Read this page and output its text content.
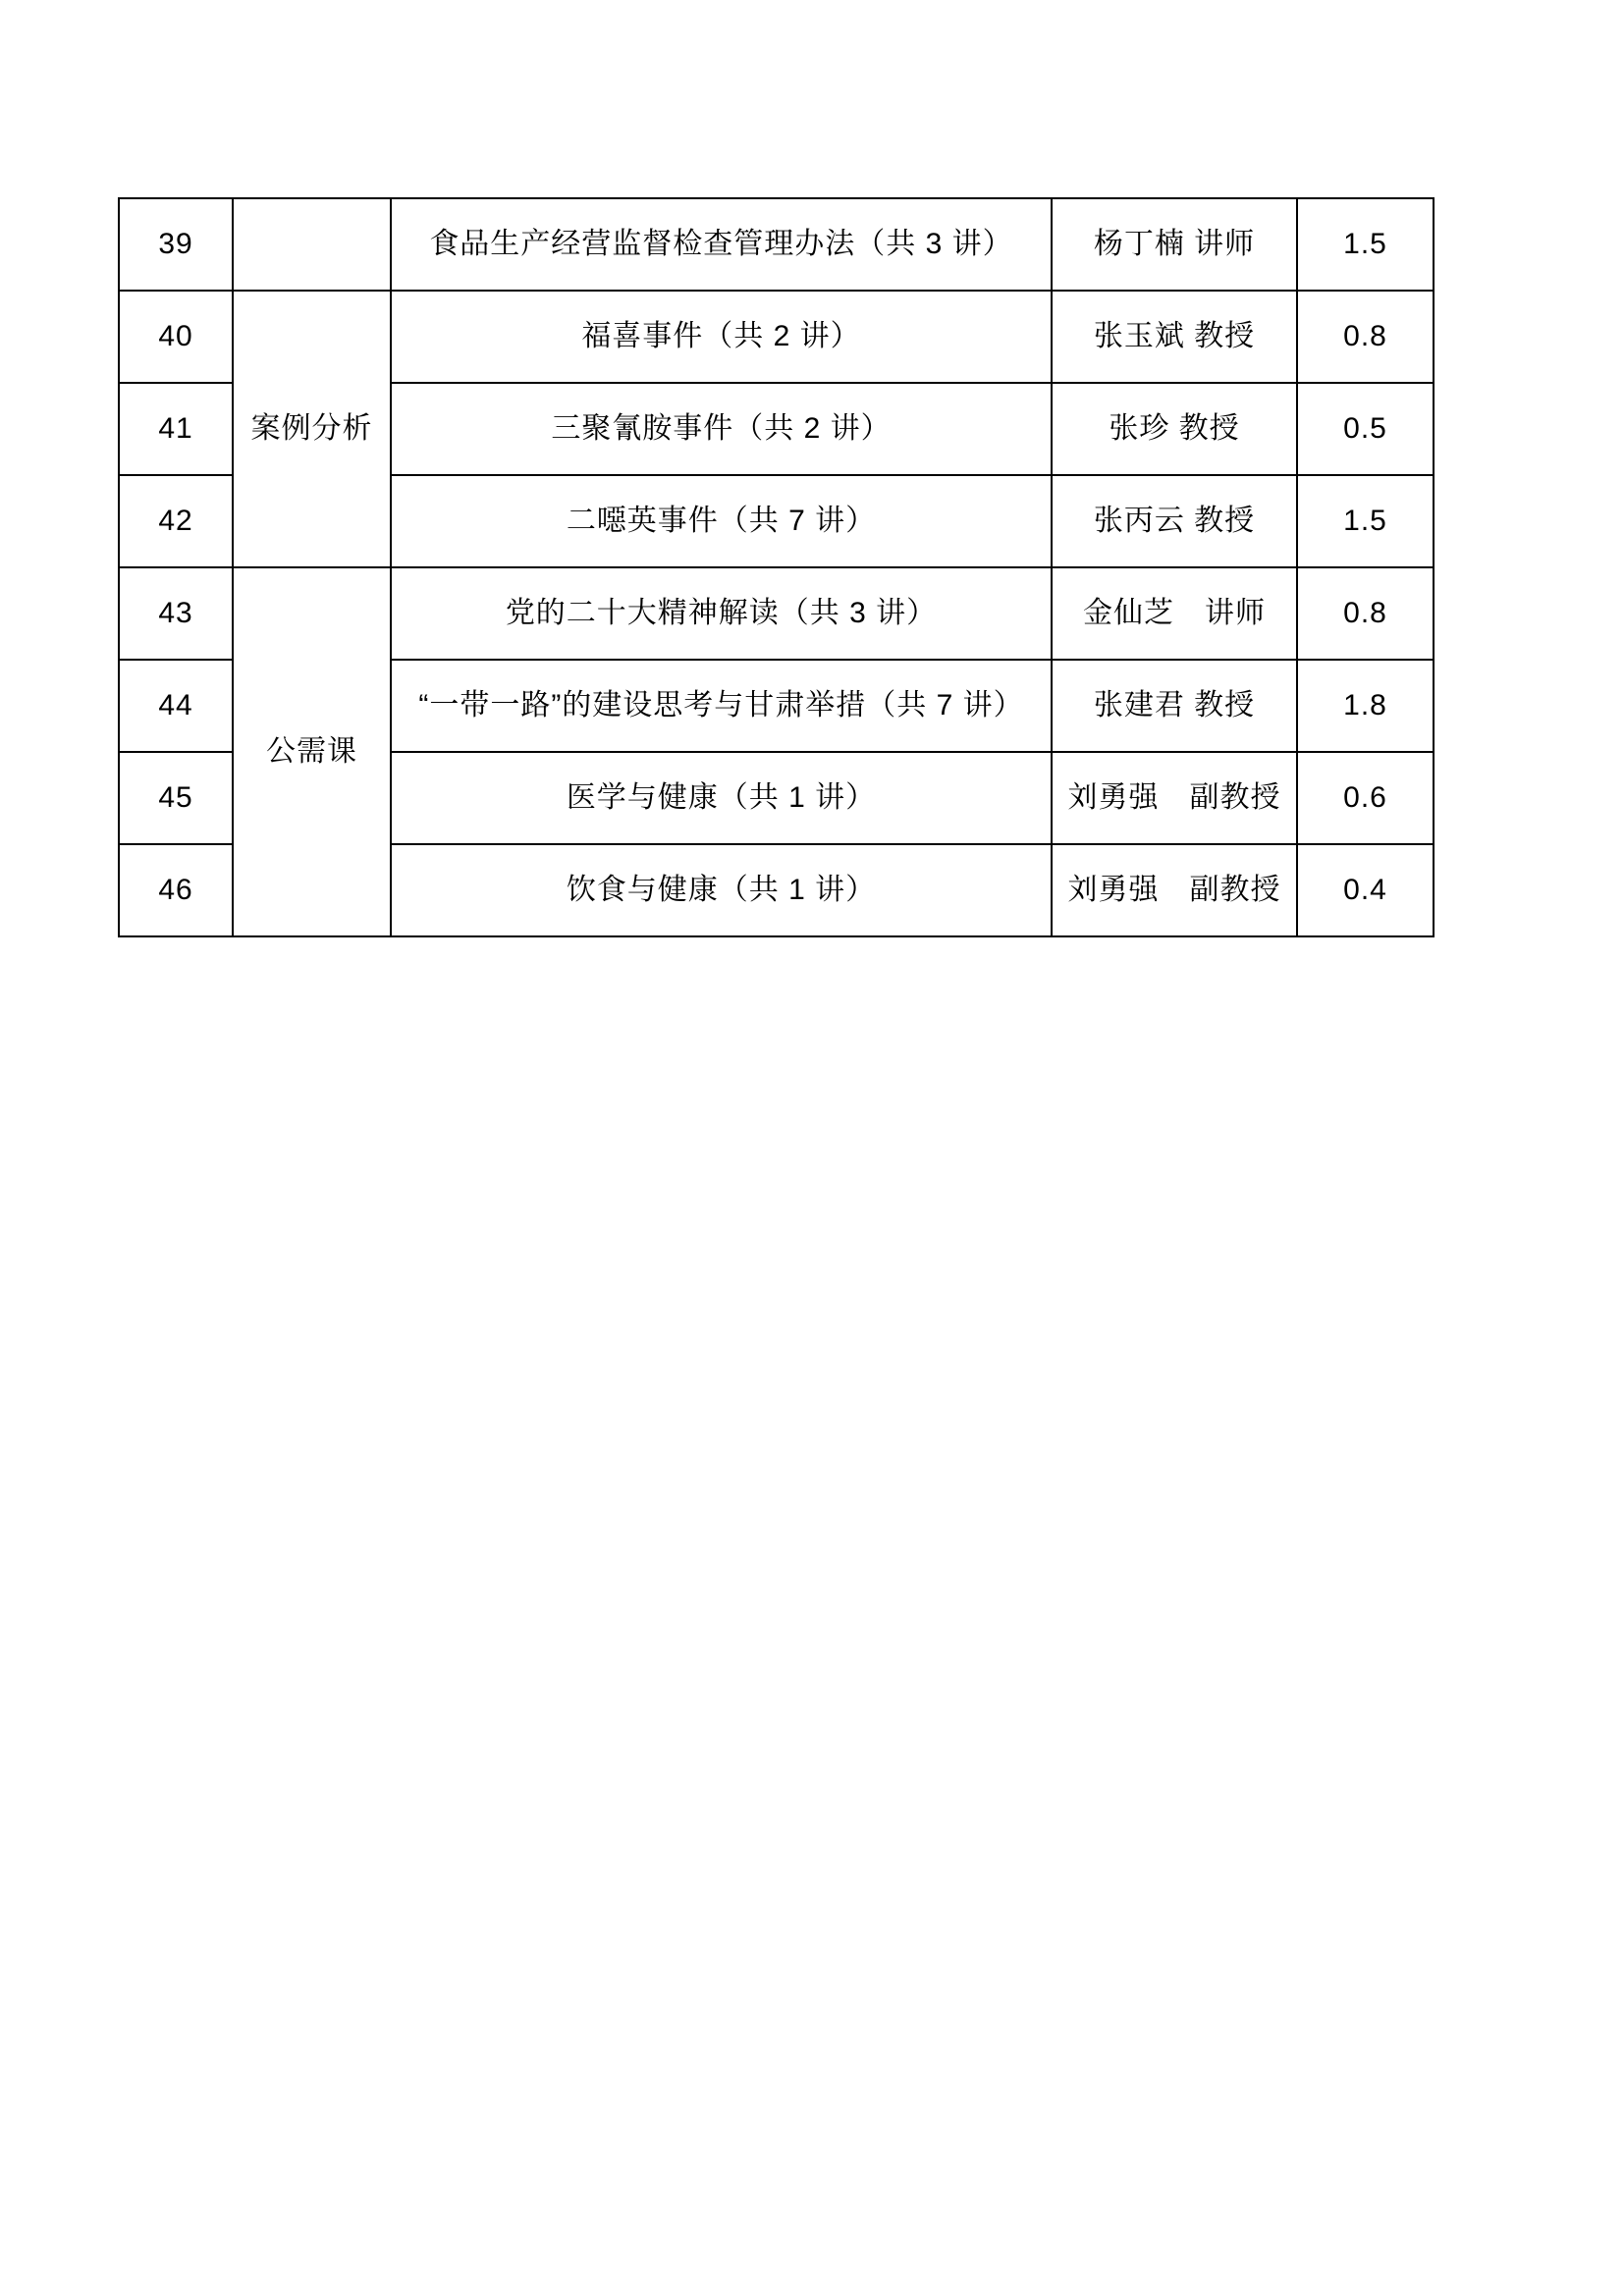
39		食品生产经营监督检查管理办法（共 3 讲）	杨丁楠 讲师	1.5
40	案例分析	福喜事件（共 2 讲）	张玉斌 教授	0.8
41		三聚氰胺事件（共 2 讲）	张珍 教授	0.5
42		二噁英事件（共 7 讲）	张丙云 教授	1.5
43	公需课	党的二十大精神解读（共 3 讲）	金仙芝　讲师	0.8
44		“一带一路”的建设思考与甘肃举措（共 7 讲）	张建君 教授	1.8
45		医学与健康（共 1 讲）	刘勇强　副教授	0.6
46		饮食与健康（共 1 讲）	刘勇强　副教授	0.4
